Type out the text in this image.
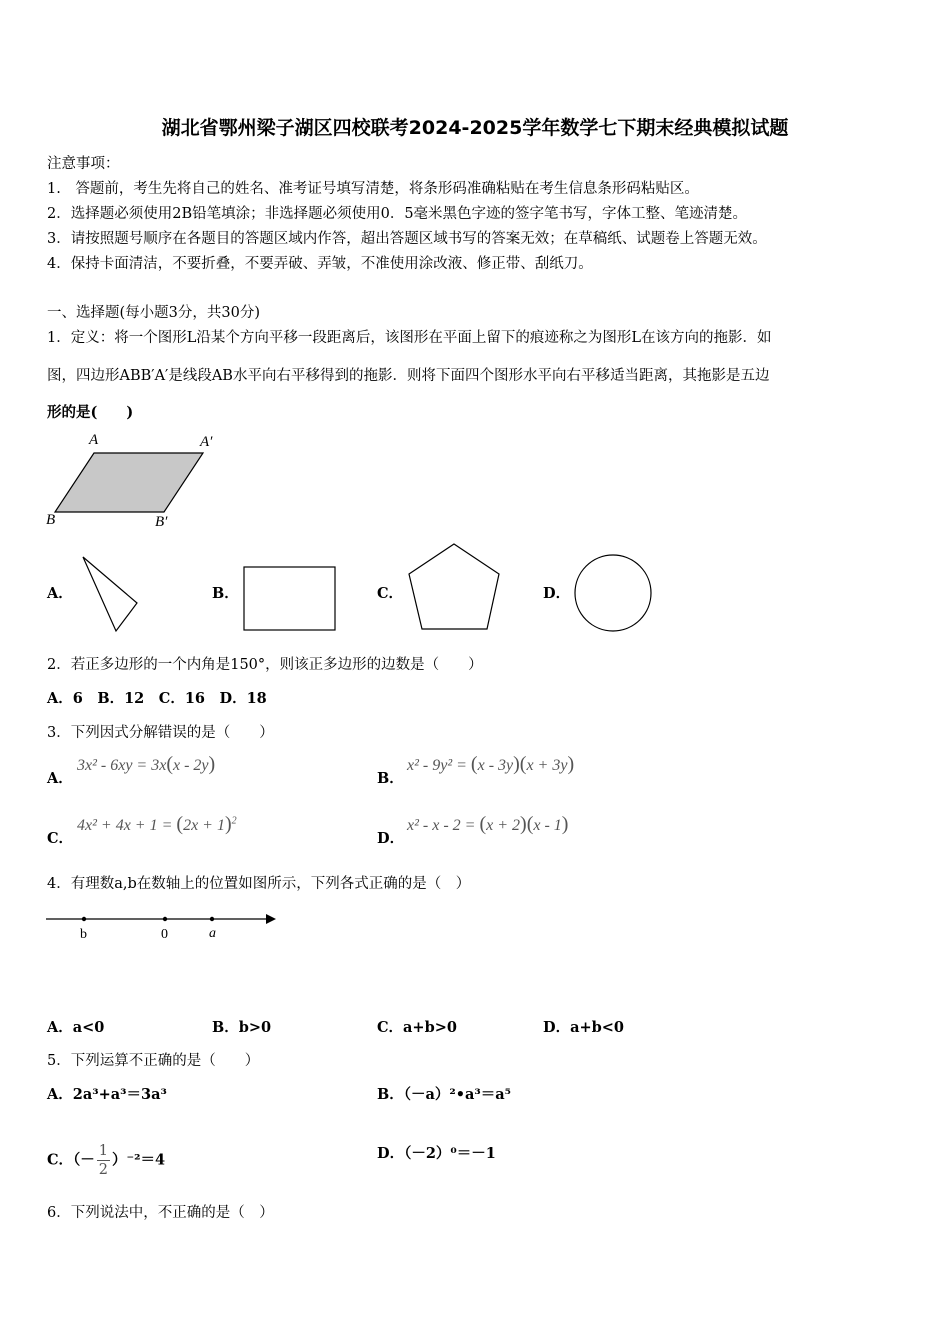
湖北省鄂州梁子湖区四校联考2024-2025学年数学七下期末经典模拟试题
注意事项：
1.　答题前，考生先将自己的姓名、准考证号填写清楚，将条形码准确粘贴在考生信息条形码粘贴区。
2．选择题必须使用2B铅笔填涂；非选择题必须使用0．5毫米黑色字迹的签字笔书写，字体工整、笔迹清楚。
3．请按照题号顺序在各题目的答题区域内作答，超出答题区域书写的答案无效；在草稿纸、试题卷上答题无效。
4．保持卡面清洁，不要折叠，不要弄破、弄皱，不准使用涂改液、修正带、刮纸刀。
一、选择题(每小题3分，共30分)
1．定义：将一个图形L沿某个方向平移一段距离后，该图形在平面上留下的痕迹称之为图形L在该方向的拖影．如
图，四边形ABB′A′是线段AB水平向右平移得到的拖影．则将下面四个图形水平向右平移适当距离，其拖影是五边
形的是(　　)
A	A′
B	B′
A．	B．	C．	D．
2．若正多边形的一个内角是150°，则该正多边形的边数是（　　）
A．6　B．12　C．16　D．18
3．下列因式分解错误的是（　　）
A．
3x² - 6xy = 3x(x - 2y)
B．
x² - 9y² = (x - 3y)(x + 3y)
C．
$4x^2 + 4x + 1 = (2x + 1)^2$
D．
x² - x - 2 = (x + 2)(x - 1)
4．有理数a,b在数轴上的位置如图所示，下列各式正确的是（　）
b	0	a
A．a<0	B．b>0	C．a+b>0	D．a+b<0
5．下列运算不正确的是（　　）
A．2a³+a³＝3a³	B．（－a）²•a³＝a⁵
C．（－ $\frac{1}{2} )^{-2}=4$	D．（－2）⁰＝－1
6．下列说法中，不正确的是（　）
